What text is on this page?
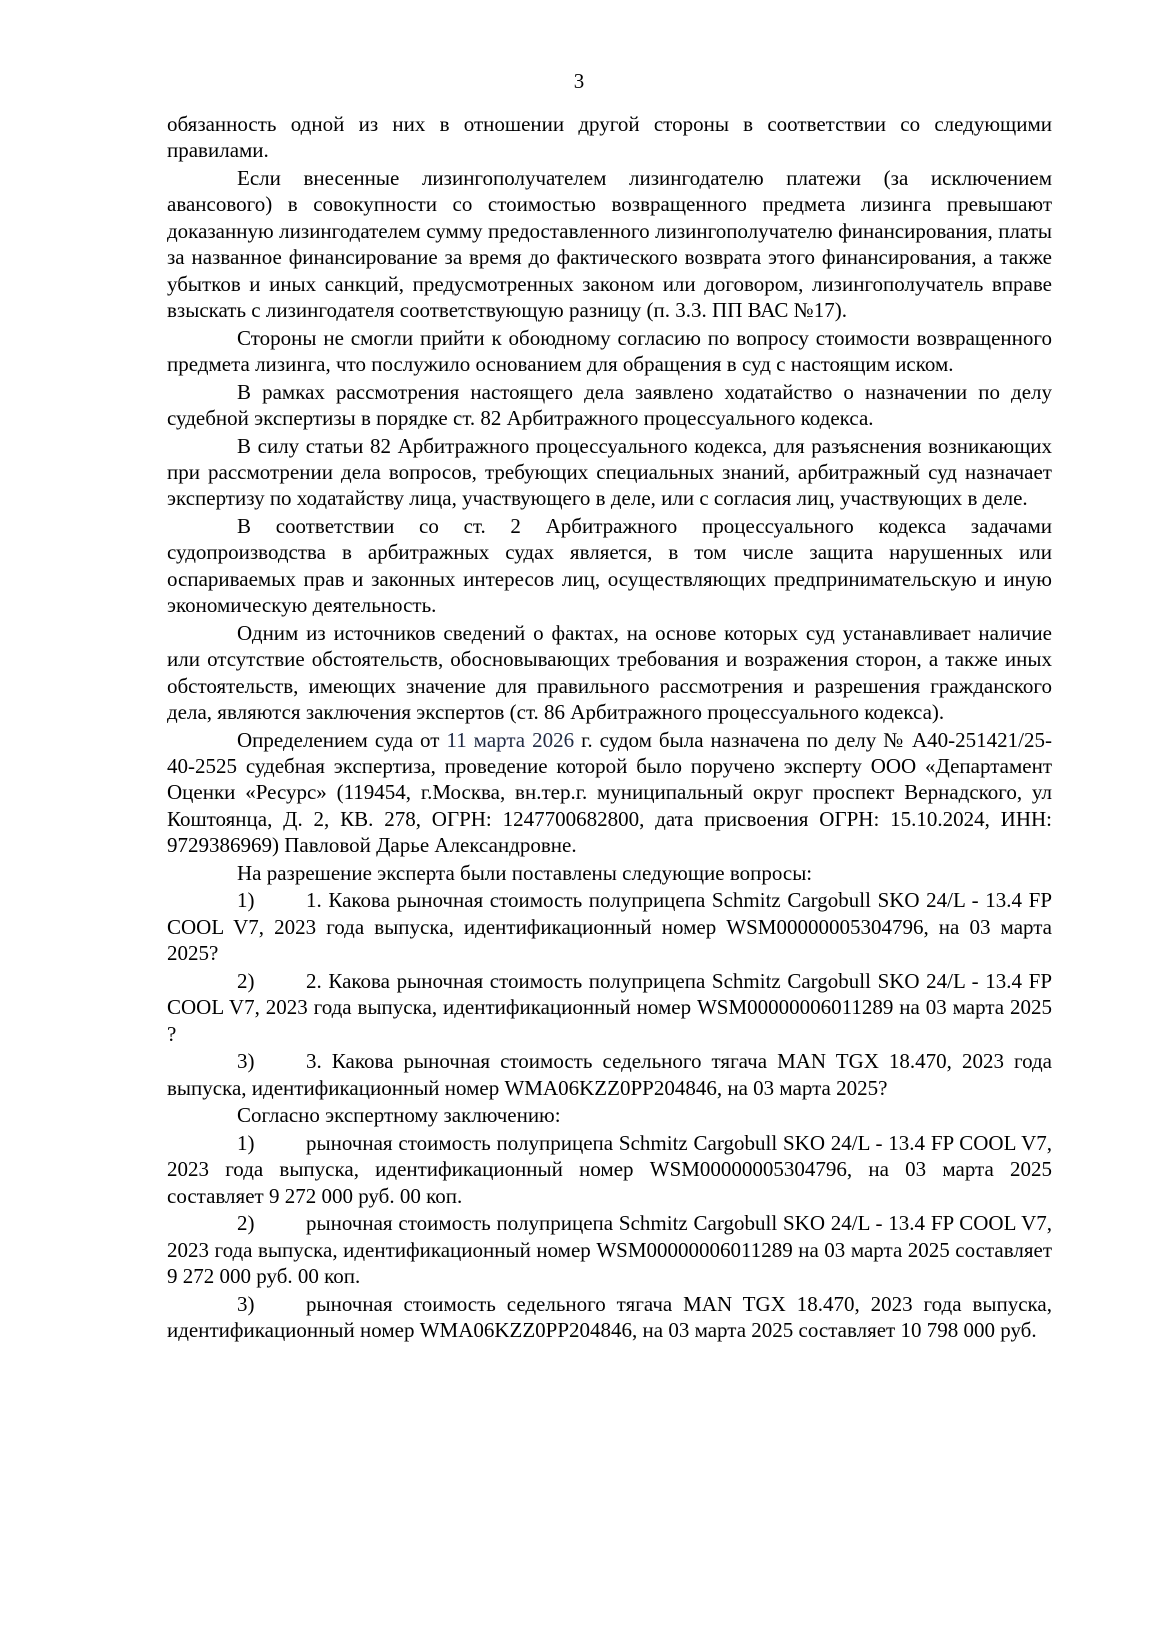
3

обязанность одной из них в отношении другой стороны в соответствии со следующими правилами.

Если внесенные лизингополучателем лизингодателю платежи (за исключением авансового) в совокупности со стоимостью возвращенного предмета лизинга превышают доказанную лизингодателем сумму предоставленного лизингополучателю финансирования, платы за названное финансирование за время до фактического возврата этого финансирования, а также убытков и иных санкций, предусмотренных законом или договором, лизингополучатель вправе взыскать с лизингодателя соответствующую разницу (п. 3.3. ПП ВАС №17).

Стороны не смогли прийти к обоюдному согласию по вопросу стоимости возвращенного предмета лизинга, что послужило основанием для обращения в суд с настоящим иском.

В рамках рассмотрения настоящего дела заявлено ходатайство о назначении по делу судебной экспертизы в порядке ст. 82 Арбитражного процессуального кодекса.

В силу статьи 82 Арбитражного процессуального кодекса, для разъяснения возникающих при рассмотрении дела вопросов, требующих специальных знаний, арбитражный суд назначает экспертизу по ходатайству лица, участвующего в деле, или с согласия лиц, участвующих в деле.

В соответствии со ст. 2 Арбитражного процессуального кодекса задачами судопроизводства в арбитражных судах является, в том числе защита нарушенных или оспариваемых прав и законных интересов лиц, осуществляющих предпринимательскую и иную экономическую деятельность.

Одним из источников сведений о фактах, на основе которых суд устанавливает наличие или отсутствие обстоятельств, обосновывающих требования и возражения сторон, а также иных обстоятельств, имеющих значение для правильного рассмотрения и разрешения гражданского дела, являются заключения экспертов (ст. 86 Арбитражного процессуального кодекса).

Определением суда от 11 марта 2026 г. судом была назначена по делу № А40-251421/25-40-2525 судебная экспертиза, проведение которой было поручено эксперту ООО «Департамент Оценки «Ресурс» (119454, г.Москва, вн.тер.г. муниципальный округ проспект Вернадского, ул Коштоянца, Д. 2, КВ. 278, ОГРН: 1247700682800, дата присвоения ОГРН: 15.10.2024, ИНН: 9729386969) Павловой Дарье Александровне.

На разрешение эксперта были поставлены следующие вопросы:

1) 1. Какова рыночная стоимость полуприцепа Schmitz Cargobull SKO 24/L - 13.4 FP COOL V7, 2023 года выпуска, идентификационный номер WSM00000005304796, на 03 марта 2025?

2) 2. Какова рыночная стоимость полуприцепа Schmitz Cargobull SKO 24/L - 13.4 FP COOL V7, 2023 года выпуска, идентификационный номер WSM00000006011289 на 03 марта 2025 ?

3) 3. Какова рыночная стоимость седельного тягача MAN TGX 18.470, 2023 года выпуска, идентификационный номер WMA06KZZ0PP204846, на 03 марта 2025?

Согласно экспертному заключению:

1) рыночная стоимость полуприцепа Schmitz Cargobull SKO 24/L - 13.4 FP COOL V7, 2023 года выпуска, идентификационный номер WSM00000005304796, на 03 марта 2025 составляет 9 272 000 руб. 00 коп.

2) рыночная стоимость полуприцепа Schmitz Cargobull SKO 24/L - 13.4 FP COOL V7, 2023 года выпуска, идентификационный номер WSM00000006011289 на 03 марта 2025 составляет 9 272 000 руб. 00 коп.

3) рыночная стоимость седельного тягача MAN TGX 18.470, 2023 года выпуска, идентификационный номер WMA06KZZ0PP204846, на 03 марта 2025 составляет 10 798 000 руб.
